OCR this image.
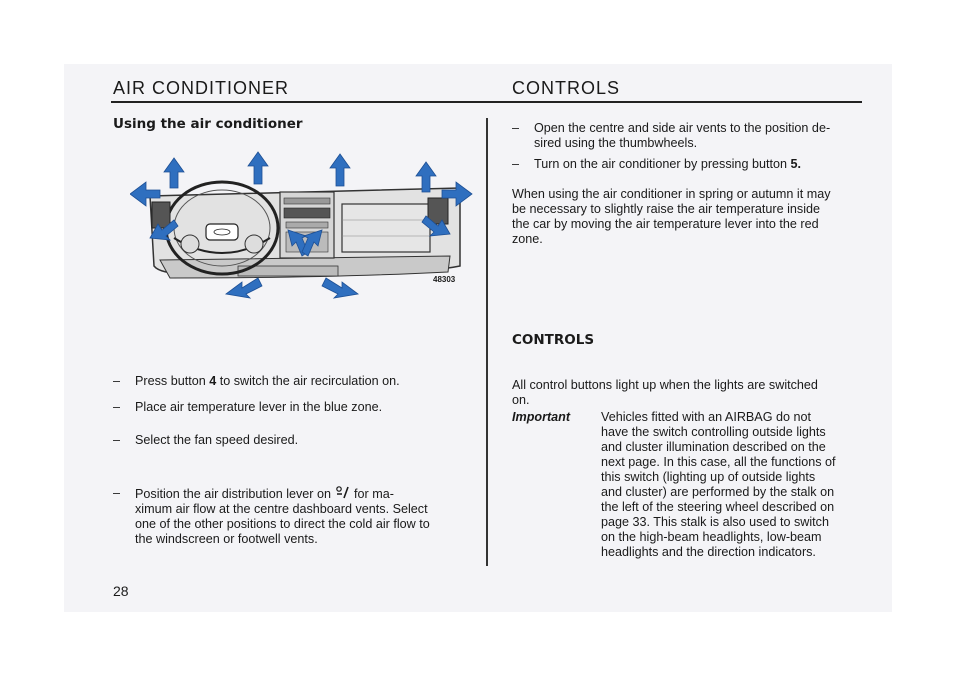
AIR CONDITIONER	CONTROLS
Using the air conditioner
48303
– Press button 4 to switch the air recirculation on.
– Place air temperature lever in the blue zone.
– Select the fan speed desired.
– Position the air distribution lever on  for ma-
ximum air flow at the centre dashboard vents. Select
one of the other positions to direct the cold air flow to
the windscreen or footwell vents.
28
– Open the centre and side air vents to the position de-
sired using the thumbwheels.
– Turn on the air conditioner by pressing button 5.
When using the air conditioner in spring or autumn it may
be necessary to slightly raise the air temperature inside
the car by moving the air temperature lever into the red
zone.
CONTROLS
All control buttons light up when the lights are switched
on.
Important Vehicles fitted with an AIRBAG do not
have the switch controlling outside lights
and cluster illumination described on the
next page. In this case, all the functions of
this switch (lighting up of outside lights
and cluster) are performed by the stalk on
the left of the steering wheel described on
page 33. This stalk is also used to switch
on the high-beam headlights, low-beam
headlights and the direction indicators.
